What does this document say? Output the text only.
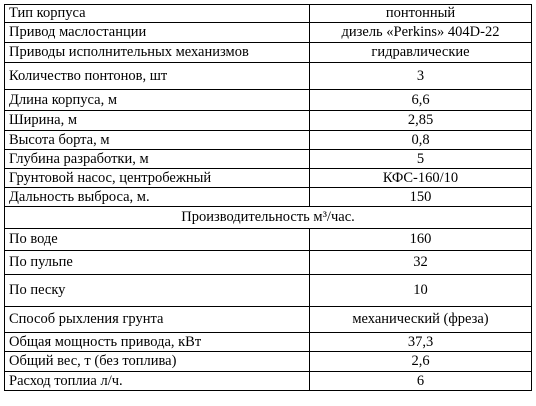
Тип корпуса	понтонный
Привод маслостанции	дизель «Perkins» 404D-22
Приводы исполнительных механизмов	гидравлические
Количество понтонов, шт	3
Длина корпуса, м	6,6
Ширина, м	2,85
Высота борта, м	0,8
Глубина разработки, м	5
Грунтовой насос, центробежный	КФС-160/10
Дальность выброса, м.	150
Производительность м³/час.	
По воде	160
По пульпе	32
По песку	10
Способ рыхления грунта	механический (фреза)
Общая мощность привода, кВт	37,3
Общий вес, т (без топлива)	2,6
Расход топлиа л/ч.	6
